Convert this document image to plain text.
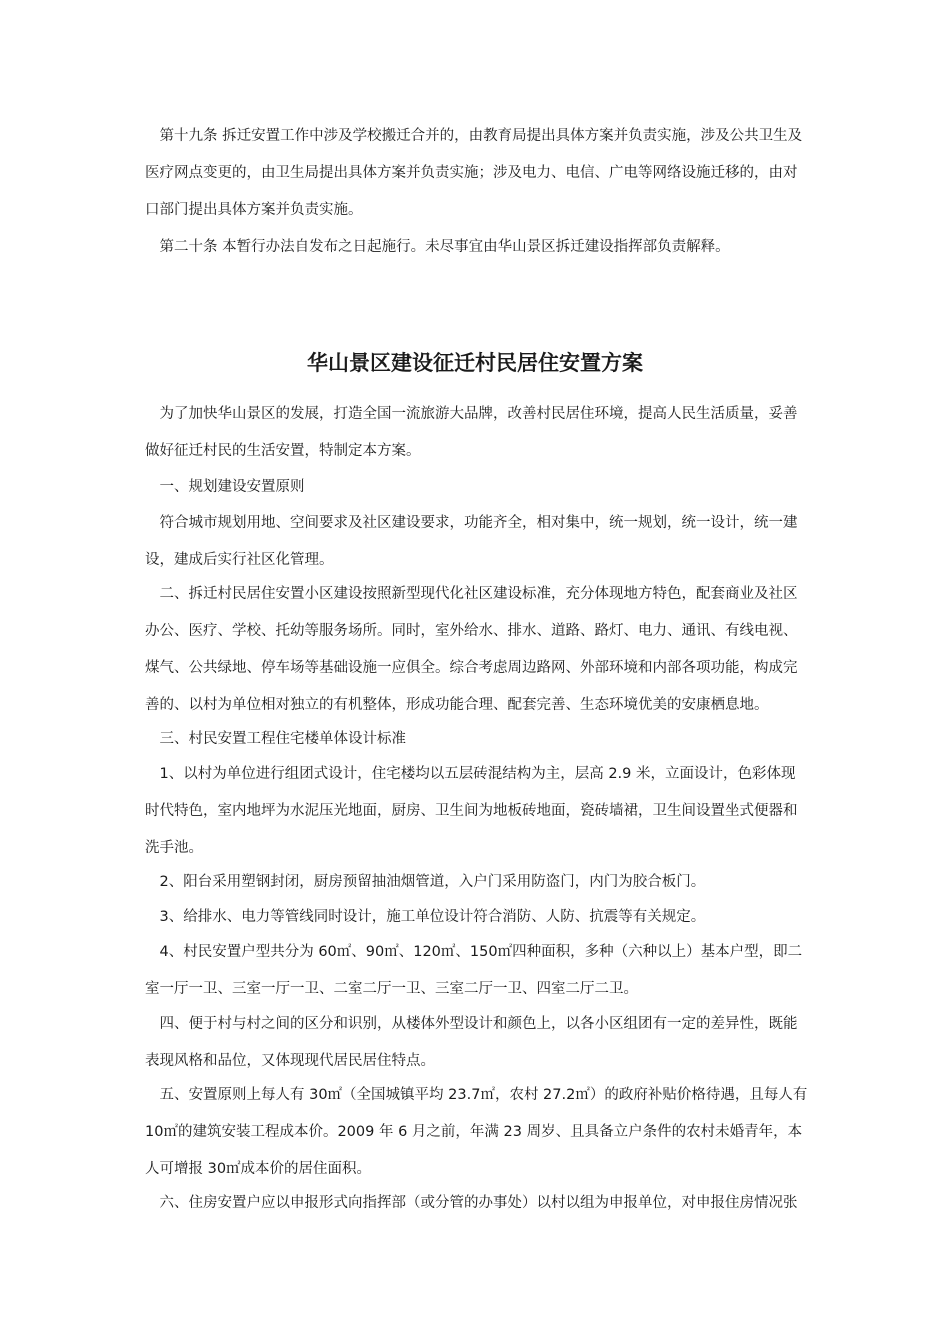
　第十九条 拆迁安置工作中涉及学校搬迁合并的，由教育局提出具体方案并负责实施，涉及公共卫生及医疗网点变更的，由卫生局提出具体方案并负责实施；涉及电力、电信、广电等网络设施迁移的，由对口部门提出具体方案并负责实施。

　第二十条 本暂行办法自发布之日起施行。未尽事宜由华山景区拆迁建设指挥部负责解释。

华山景区建设征迁村民居住安置方案

　为了加快华山景区的发展，打造全国一流旅游大品牌，改善村民居住环境，提高人民生活质量，妥善做好征迁村民的生活安置，特制定本方案。

　一、规划建设安置原则

　符合城市规划用地、空间要求及社区建设要求，功能齐全，相对集中，统一规划，统一设计，统一建设，建成后实行社区化管理。

　二、拆迁村民居住安置小区建设按照新型现代化社区建设标准，充分体现地方特色，配套商业及社区办公、医疗、学校、托幼等服务场所。同时，室外给水、排水、道路、路灯、电力、通讯、有线电视、煤气、公共绿地、停车场等基础设施一应俱全。综合考虑周边路网、外部环境和内部各项功能，构成完善的、以村为单位相对独立的有机整体，形成功能合理、配套完善、生态环境优美的安康栖息地。

　三、村民安置工程住宅楼单体设计标准

　1、以村为单位进行组团式设计，住宅楼均以五层砖混结构为主，层高 2.9 米，立面设计，色彩体现时代特色，室内地坪为水泥压光地面，厨房、卫生间为地板砖地面，瓷砖墙裙，卫生间设置坐式便器和洗手池。

　2、阳台采用塑钢封闭，厨房预留抽油烟管道，入户门采用防盗门，内门为胶合板门。

　3、给排水、电力等管线同时设计，施工单位设计符合消防、人防、抗震等有关规定。

　4、村民安置户型共分为 60㎡、90㎡、120㎡、150㎡四种面积，多种（六种以上）基本户型，即二室一厅一卫、三室一厅一卫、二室二厅一卫、三室二厅一卫、四室二厅二卫。

　四、便于村与村之间的区分和识别，从楼体外型设计和颜色上，以各小区组团有一定的差异性，既能表现风格和品位，又体现现代居民居住特点。

　五、安置原则上每人有 30㎡（全国城镇平均 23.7㎡，农村 27.2㎡）的政府补贴价格待遇，且每人有 10㎡的建筑安装工程成本价。2009 年 6 月之前，年满 23 周岁、且具备立户条件的农村未婚青年，本人可增报 30㎡成本价的居住面积。

　六、住房安置户应以申报形式向指挥部（或分管的办事处）以村以组为申报单位，对申报住房情况张
